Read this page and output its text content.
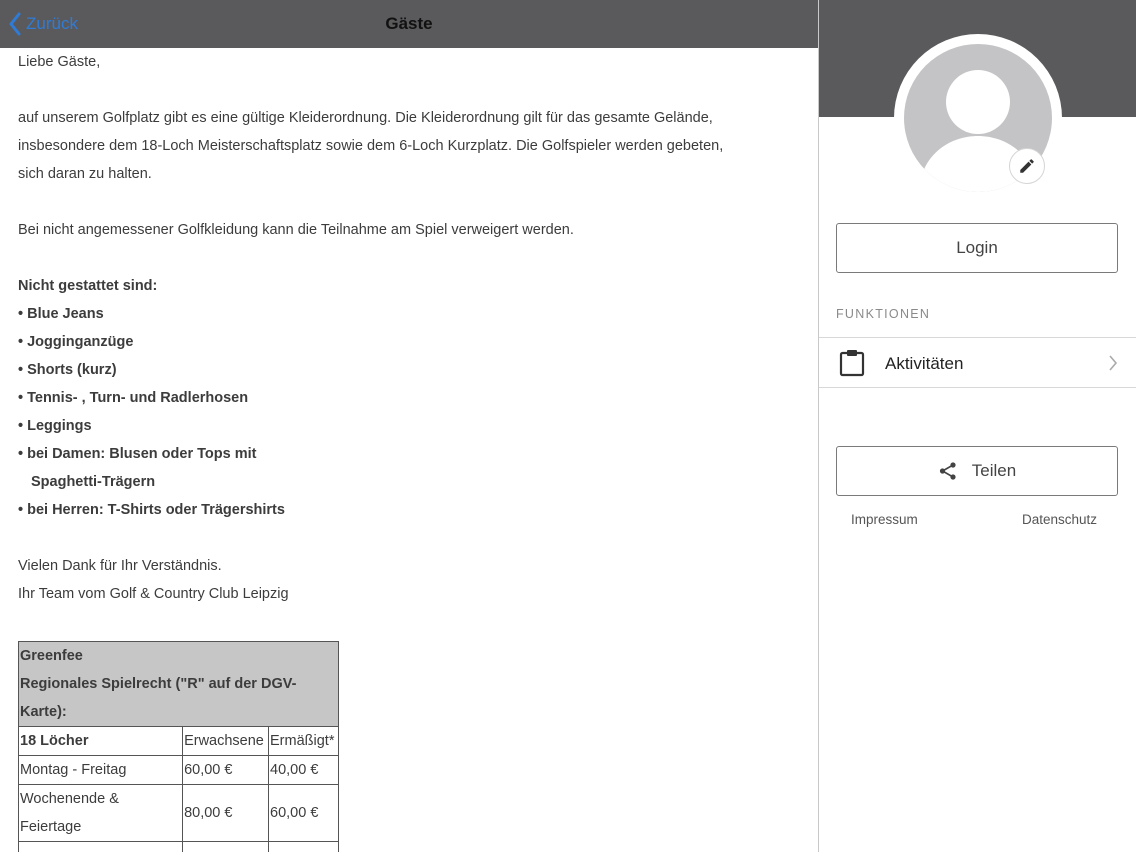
Zurück	Gäste

Liebe Gäste,

auf unserem Golfplatz gibt es eine gültige Kleiderordnung. Die Kleiderordnung gilt für das gesamte Gelände,

insbesondere dem 18-Loch Meisterschaftsplatz sowie dem 6-Loch Kurzplatz. Die Golfspieler werden gebeten,

sich daran zu halten.

Bei nicht angemessener Golfkleidung kann die Teilnahme am Spiel verweigert werden.

Nicht gestattet sind:

• Blue Jeans

• Jogginganzüge

• Shorts (kurz)

• Tennis- , Turn- und Radlerhosen

• Leggings

• bei Damen: Blusen oder Tops mit

Spaghetti-Trägern

• bei Herren: T-Shirts oder Trägershirts

Vielen Dank für Ihr Verständnis.

Ihr Team vom Golf & Country Club Leipzig

Greenfee
Regionales Spielrecht ("R" auf der DGV-
Karte):		

18 Löcher	Erwachsene	Ermäßigt*
Montag - Freitag	60,00 €	40,00 €

Wochenende &
Feiertage	80,00 €	60,00 €

Login
FUNKTIONEN
Aktivitäten
Teilen
Impressum	Datenschutz
